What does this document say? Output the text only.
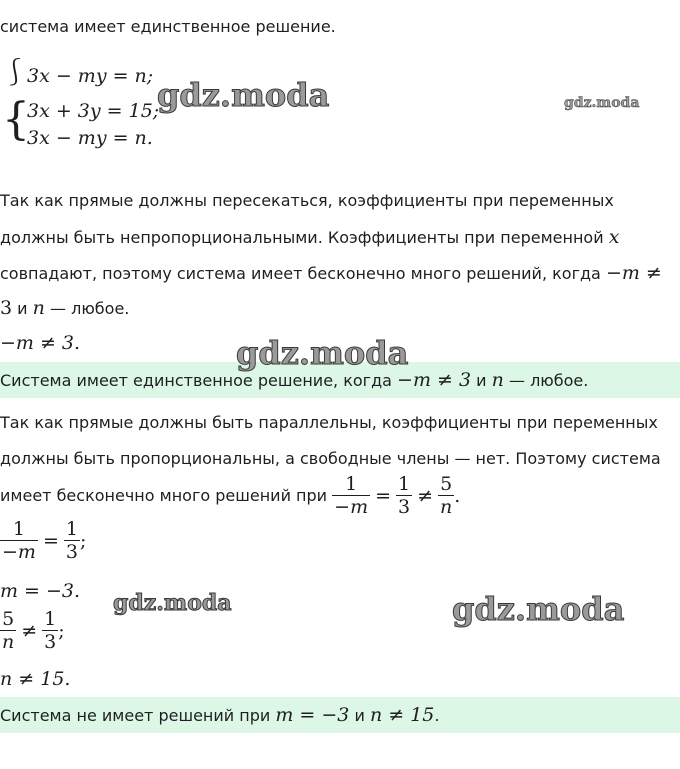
система имеет единственное решение.
⎰
{
3x − my = n;
3x + 3y = 15;
3x − my = n.
Так как прямые должны пересекаться, коэффициенты при переменных
должны быть непропорциональными. Коэффициенты при переменной x
совпадают, поэтому система имеет бесконечно много решений, когда −m ≠
3 и n — любое.
−m ≠ 3.
Система имеет единственное решение, когда −m ≠ 3 и n — любое.
Так как прямые должны быть параллельны, коэффициенты при переменных
должны быть пропорциональны, а свободные члены — нет. Поэтому система
имеет бесконечно много решений при $\frac{1}{-m} = \frac{1}{3} \ne \frac{5}{n}$ .
$\frac{1}{-m} = \frac{1}{3}$ ;
m = −3.
$\frac{5}{n} \ne \frac{1}{3}$ ;
n ≠ 15.
Система не имеет решений при m = −3 и n ≠ 15.
gdz.moda	gdz.moda
gdz.moda
gdz.moda	gdz.moda
